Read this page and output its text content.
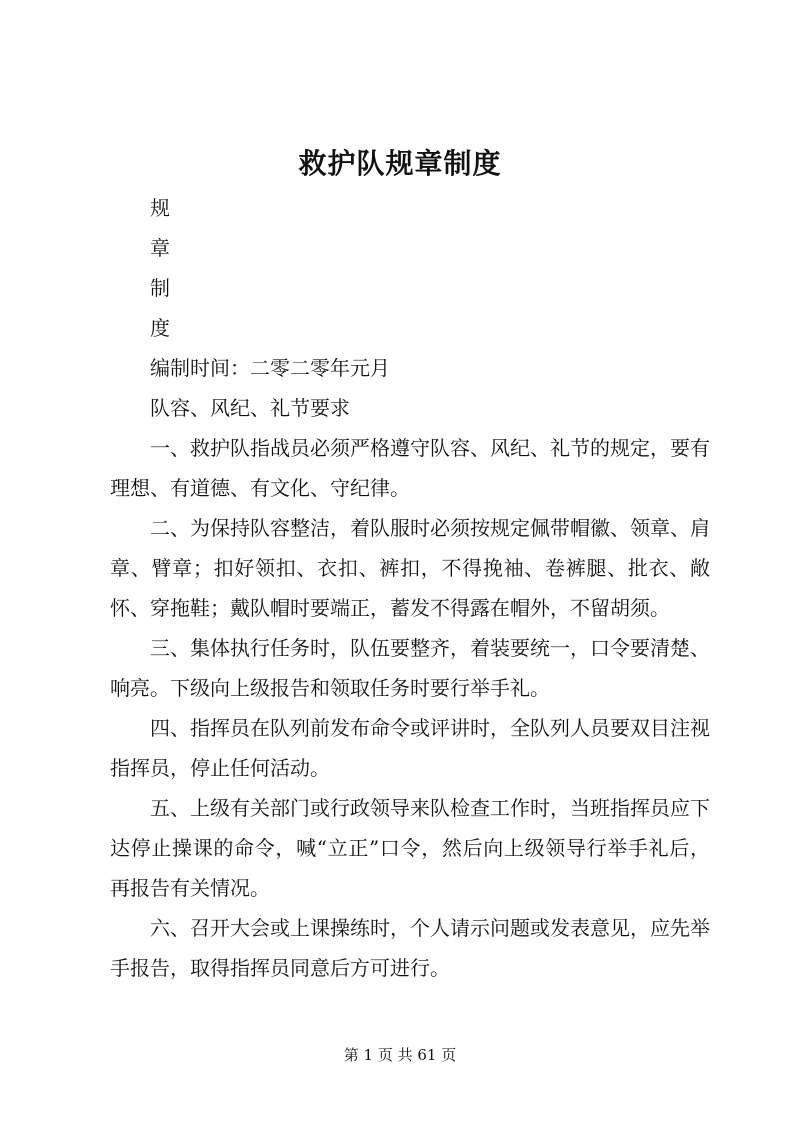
救护队规章制度

规

章

制

度

编制时间：二零二零年元月

队容、风纪、礼节要求

一、救护队指战员必须严格遵守队容、风纪、礼节的规定，要有理想、有道德、有文化、守纪律。

二、为保持队容整洁，着队服时必须按规定佩带帽徽、领章、肩章、臂章；扣好领扣、衣扣、裤扣，不得挽袖、卷裤腿、批衣、敞怀、穿拖鞋；戴队帽时要端正，蓄发不得露在帽外，不留胡须。

三、集体执行任务时，队伍要整齐，着装要统一，口令要清楚、响亮。下级向上级报告和领取任务时要行举手礼。

四、指挥员在队列前发布命令或评讲时，全队列人员要双目注视指挥员，停止任何活动。

五、上级有关部门或行政领导来队检查工作时，当班指挥员应下达停止操课的命令，喊“立正”口令，然后向上级领导行举手礼后，再报告有关情况。

六、召开大会或上课操练时，个人请示问题或发表意见，应先举手报告，取得指挥员同意后方可进行。

第 1 页 共 61 页
